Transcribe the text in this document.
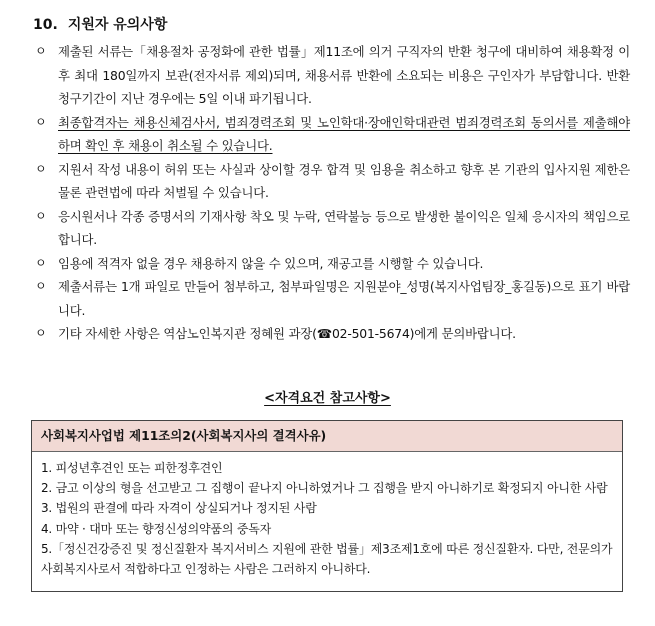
10. 지원자 유의사항
ㅇ 제출된 서류는「채용절차 공정화에 관한 법률」제11조에 의거 구직자의 반환 청구에 대비하여 채용확정 이후 최대 180일까지 보관(전자서류 제외)되며, 채용서류 반환에 소요되는 비용은 구인자가 부담합니다. 반환 청구기간이 지난 경우에는 5일 이내 파기됩니다.
ㅇ 최종합격자는 채용신체검사서, 범죄경력조회 및 노인학대·장애인학대관련 범죄경력조회 동의서를 제출해야 하며 확인 후 채용이 취소될 수 있습니다.
ㅇ 지원서 작성 내용이 허위 또는 사실과 상이할 경우 합격 및 임용을 취소하고 향후 본 기관의 입사지원 제한은 물론 관련법에 따라 처벌될 수 있습니다.
ㅇ 응시원서나 각종 증명서의 기재사항 착오 및 누락, 연락불능 등으로 발생한 불이익은 일체 응시자의 책임으로 합니다.
ㅇ 임용에 적격자 없을 경우 채용하지 않을 수 있으며, 재공고를 시행할 수 있습니다.
ㅇ 제출서류는 1개 파일로 만들어 첨부하고, 첨부파일명은 지원분야_성명(복지사업팀장_홍길동)으로 표기 바랍니다.
ㅇ 기타 자세한 사항은 역삼노인복지관 정혜원 과장(☎02-501-5674)에게 문의바랍니다.
<자격요건 참고사항>
사회복지사업법 제11조의2(사회복지사의 결격사유)
1. 피성년후견인 또는 피한정후견인
2. 금고 이상의 형을 선고받고 그 집행이 끝나지 아니하였거나 그 집행을 받지 아니하기로 확정되지 아니한 사람
3. 법원의 판결에 따라 자격이 상실되거나 정지된 사람
4. 마약 · 대마 또는 향정신성의약품의 중독자
5.「정신건강증진 및 정신질환자 복지서비스 지원에 관한 법률」제3조제1호에 따른 정신질환자. 다만, 전문의가 사회복지사로서 적합하다고 인정하는 사람은 그러하지 아니하다.
